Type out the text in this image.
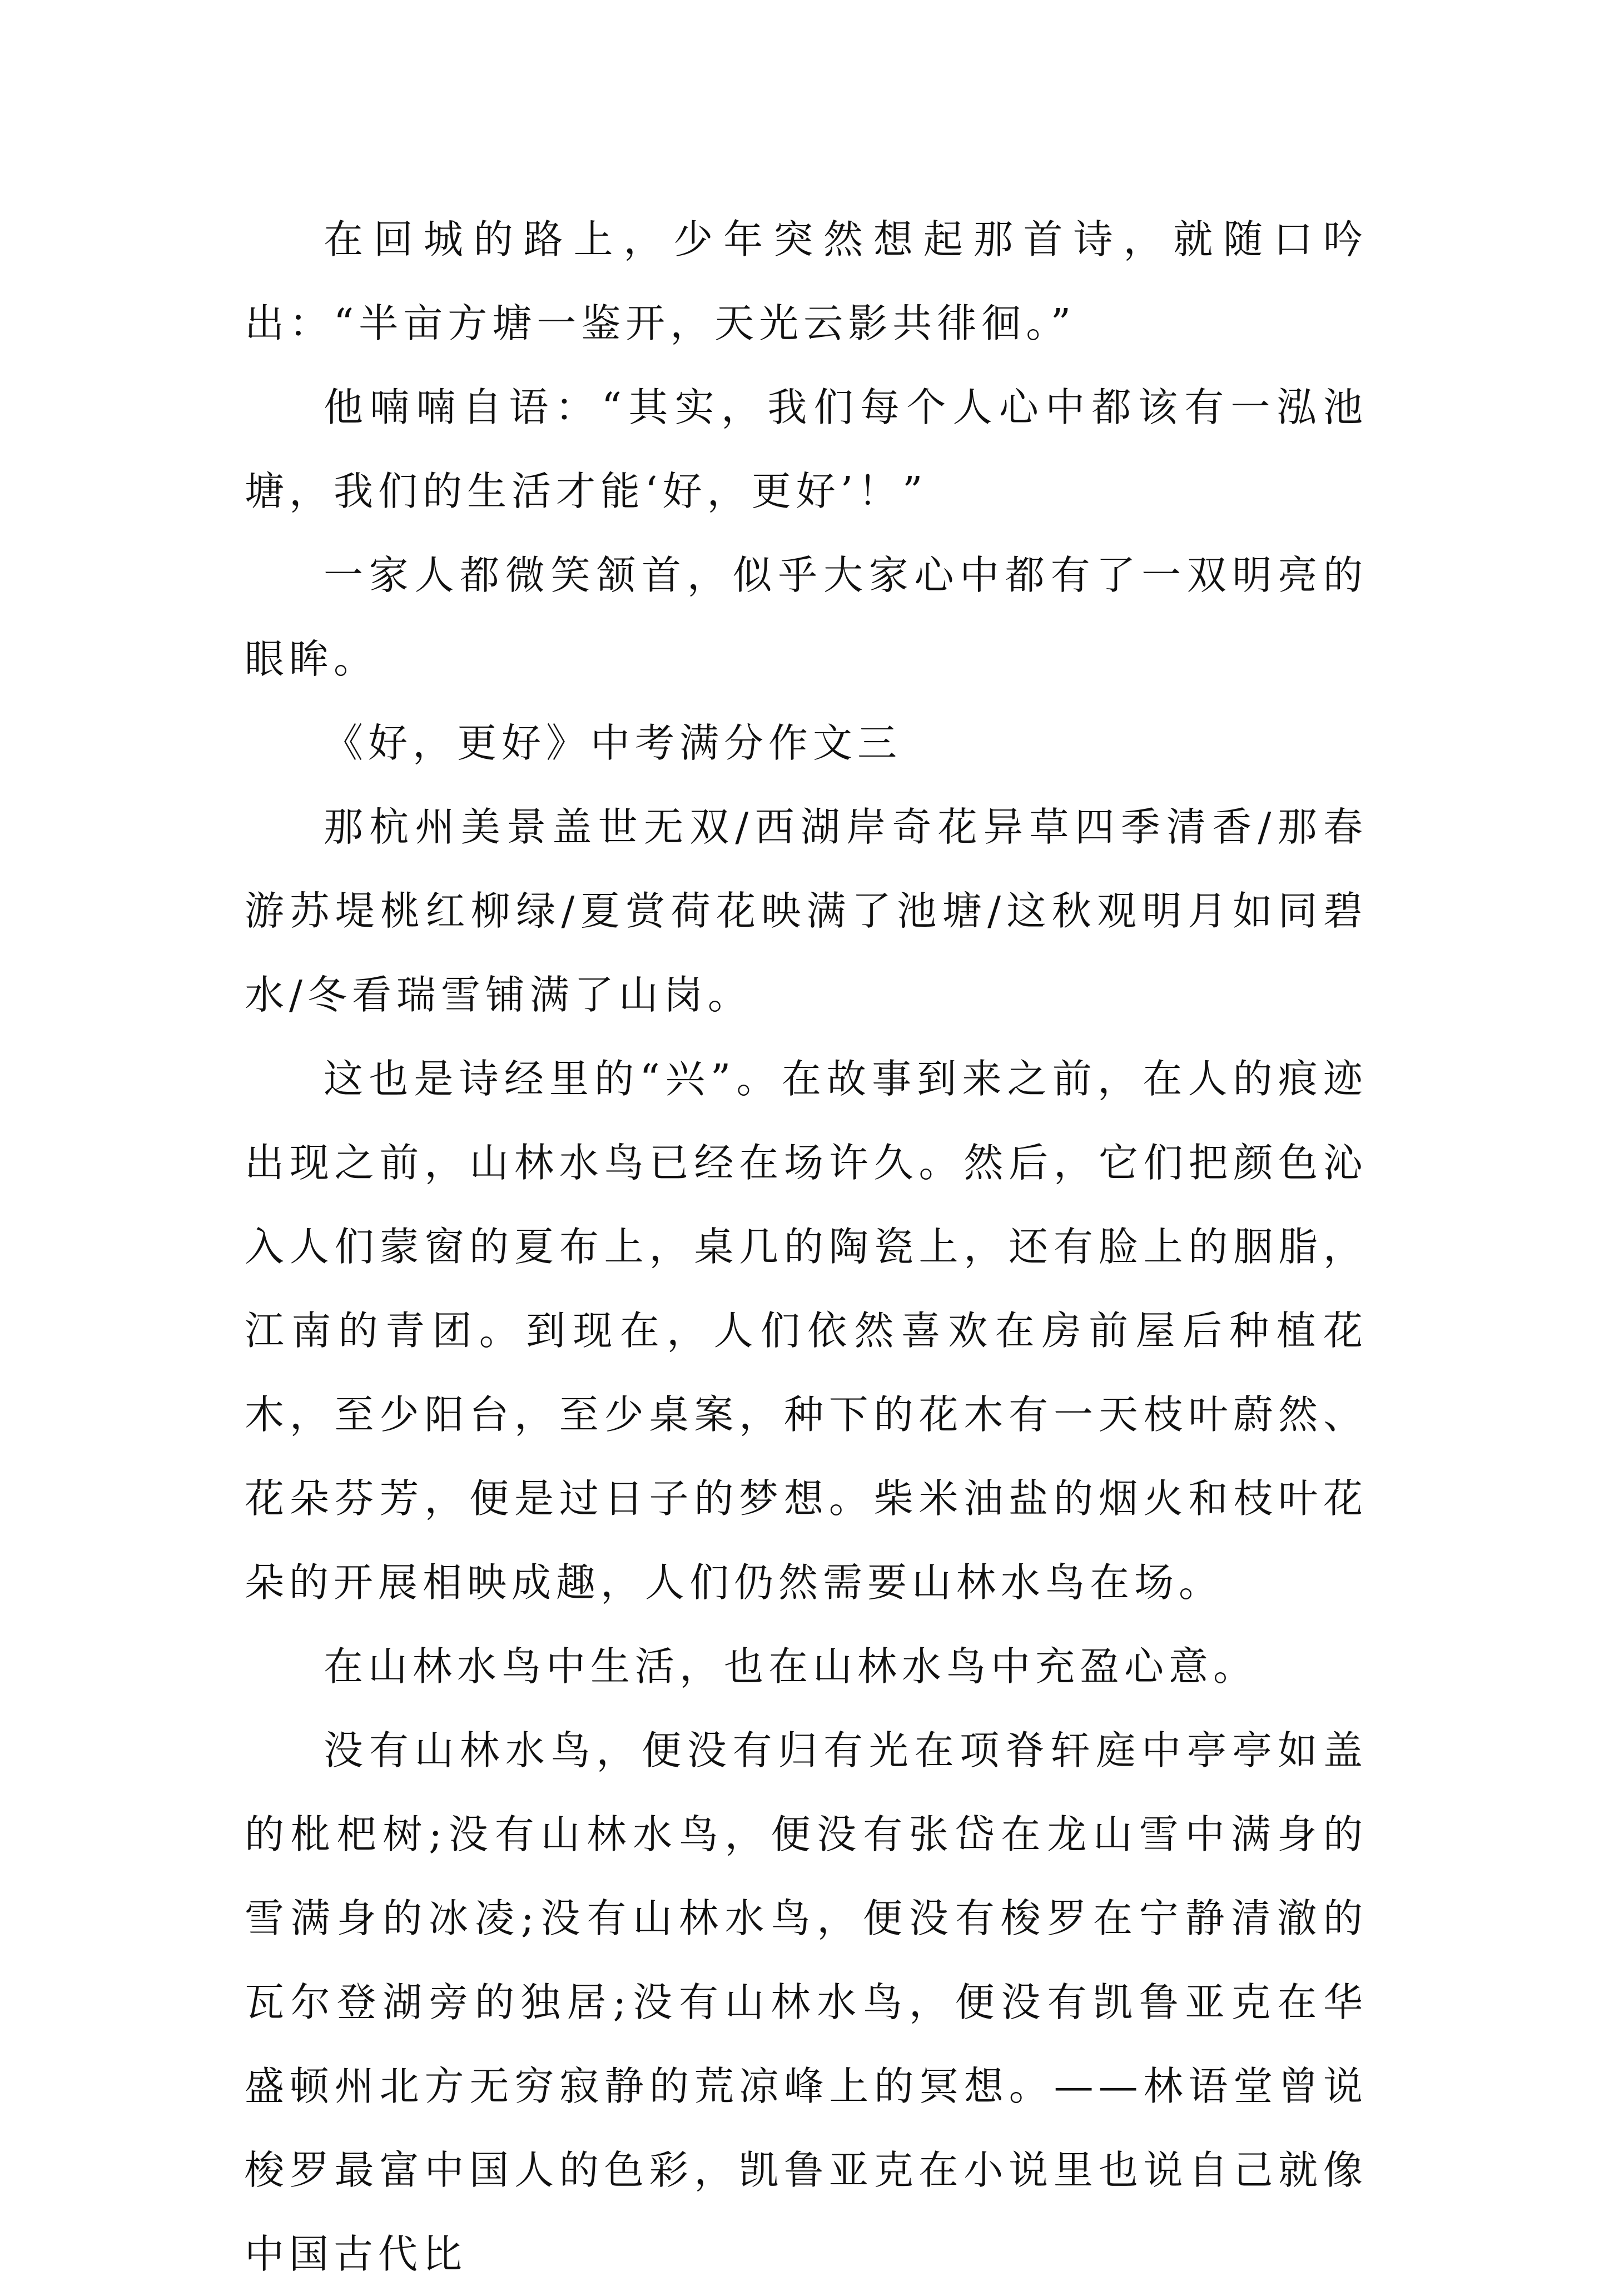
在回城的路上，少年突然想起那首诗，就随口吟出：“半亩方塘一鉴开，天光云影共徘徊。”

他喃喃自语：“其实，我们每个人心中都该有一泓池塘，我们的生活才能‘好，更好’！”

一家人都微笑颔首，似乎大家心中都有了一双明亮的眼眸。

《好，更好》中考满分作文三

那杭州美景盖世无双/西湖岸奇花异草四季清香/那春游苏堤桃红柳绿/夏赏荷花映满了池塘/这秋观明月如同碧水/冬看瑞雪铺满了山岗。

这也是诗经里的“兴”。在故事到来之前，在人的痕迹出现之前，山林水鸟已经在场许久。然后，它们把颜色沁入人们蒙窗的夏布上，桌几的陶瓷上，还有脸上的胭脂，江南的青团。到现在，人们依然喜欢在房前屋后种植花木，至少阳台，至少桌案，种下的花木有一天枝叶蔚然、花朵芬芳，便是过日子的梦想。柴米油盐的烟火和枝叶花朵的开展相映成趣，人们仍然需要山林水鸟在场。

在山林水鸟中生活，也在山林水鸟中充盈心意。

没有山林水鸟，便没有归有光在项脊轩庭中亭亭如盖的枇杷树;没有山林水鸟，便没有张岱在龙山雪中满身的雪满身的冰凌;没有山林水鸟，便没有梭罗在宁静清澈的瓦尔登湖旁的独居;没有山林水鸟，便没有凯鲁亚克在华盛顿州北方无穷寂静的荒凉峰上的冥想。——林语堂曾说梭罗最富中国人的色彩，凯鲁亚克在小说里也说自己就像中国古代比
